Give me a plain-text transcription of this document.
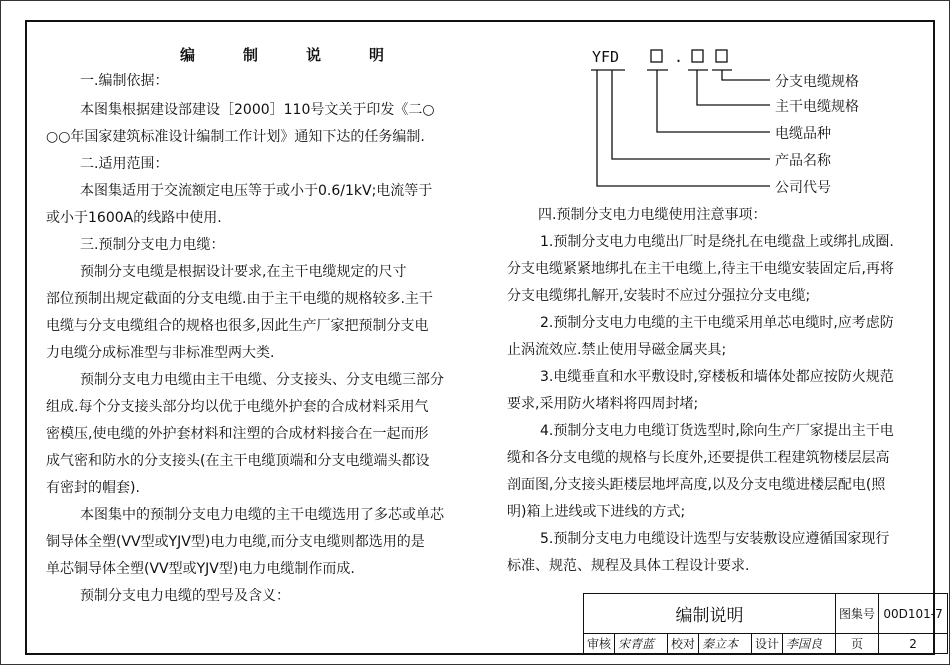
编制说明
一.编制依据：
本图集根据建设部建设［2000］110号文关于印发《二○
○○年国家建筑标准设计编制工作计划》通知下达的任务编制.
二.适用范围：
本图集适用于交流额定电压等于或小于0.6/1kV;电流等于
或小于1600A的线路中使用.
三.预制分支电力电缆：
预制分支电缆是根据设计要求,在主干电缆规定的尺寸
部位预制出规定截面的分支电缆.由于主干电缆的规格较多.主干
电缆与分支电缆组合的规格也很多,因此生产厂家把预制分支电
力电缆分成标准型与非标准型两大类.
预制分支电力电缆由主干电缆、分支接头、分支电缆三部分
组成.每个分支接头部分均以优于电缆外护套的合成材料采用气
密模压,使电缆的外护套材料和注塑的合成材料接合在一起而形
成气密和防水的分支接头(在主干电缆顶端和分支电缆端头都设
有密封的帽套).
本图集中的预制分支电力电缆的主干电缆选用了多芯或单芯
铜导体全塑(VV型或YJV型)电力电缆,而分支电缆则都选用的是
单芯铜导体全塑(VV型或YJV型)电力电缆制作而成.
预制分支电力电缆的型号及含义：
YFD	.
分支电缆规格
主干电缆规格
电缆品种
产品名称
公司代号
四.预制分支电力电缆使用注意事项：
1.预制分支电力电缆出厂时是绕扎在电缆盘上或绑扎成圈.
分支电缆紧紧地绑扎在主干电缆上,待主干电缆安装固定后,再将
分支电缆绑扎解开,安装时不应过分强拉分支电缆;
2.预制分支电力电缆的主干电缆采用单芯电缆时,应考虑防
止涡流效应.禁止使用导磁金属夹具;
3.电缆垂直和水平敷设时,穿楼板和墙体处都应按防火规范
要求,采用防火堵料将四周封堵;
4.预制分支电力电缆订货选型时,除向生产厂家提出主干电
缆和各分支电缆的规格与长度外,还要提供工程建筑物楼层层高
剖面图,分支接头距楼层地坪高度,以及分支电缆进楼层配电(照
明)箱上进线或下进线的方式;
5.预制分支电力电缆设计选型与安装敷设应遵循国家现行
标准、规范、规程及具体工程设计要求.
编制说明						图集号	00D101-7
审核	宋青蓝	校对	秦立本	设计	李国良	页	2
